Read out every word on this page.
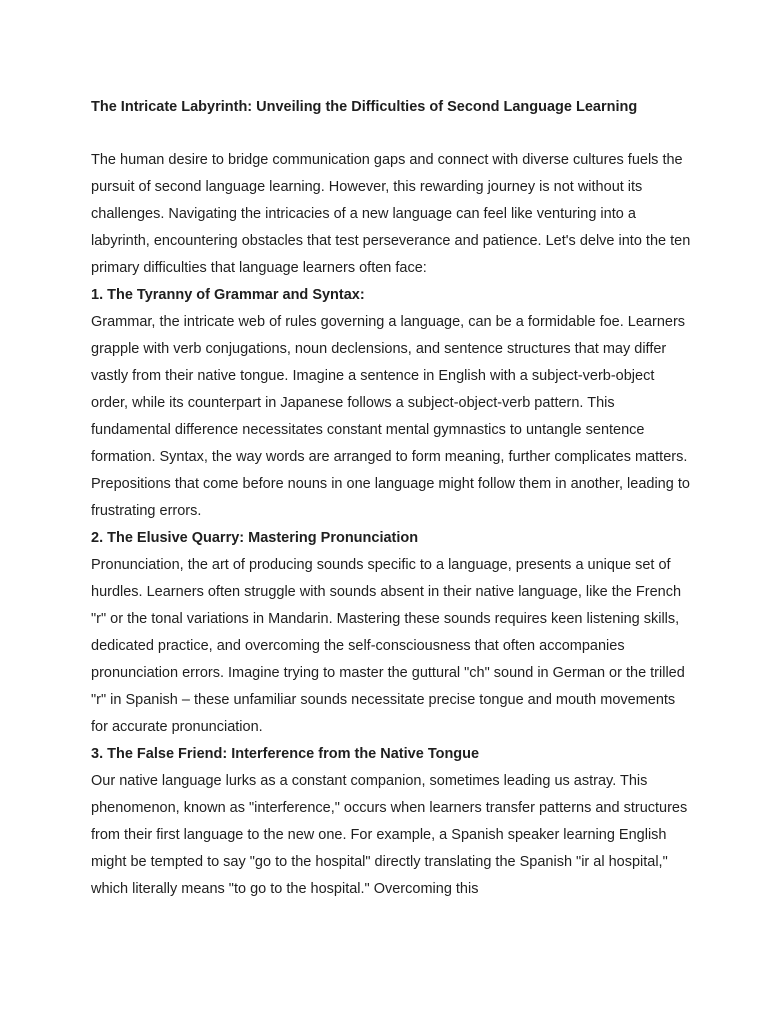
The Intricate Labyrinth: Unveiling the Difficulties of Second Language Learning

The human desire to bridge communication gaps and connect with diverse cultures fuels the pursuit of second language learning. However, this rewarding journey is not without its challenges. Navigating the intricacies of a new language can feel like venturing into a labyrinth, encountering obstacles that test perseverance and patience. Let's delve into the ten primary difficulties that language learners often face:

1. The Tyranny of Grammar and Syntax:

Grammar, the intricate web of rules governing a language, can be a formidable foe. Learners grapple with verb conjugations, noun declensions, and sentence structures that may differ vastly from their native tongue. Imagine a sentence in English with a subject-verb-object order, while its counterpart in Japanese follows a subject-object-verb pattern. This fundamental difference necessitates constant mental gymnastics to untangle sentence formation. Syntax, the way words are arranged to form meaning, further complicates matters. Prepositions that come before nouns in one language might follow them in another, leading to frustrating errors.

2. The Elusive Quarry: Mastering Pronunciation

Pronunciation, the art of producing sounds specific to a language, presents a unique set of hurdles. Learners often struggle with sounds absent in their native language, like the French "r" or the tonal variations in Mandarin. Mastering these sounds requires keen listening skills, dedicated practice, and overcoming the self-consciousness that often accompanies pronunciation errors. Imagine trying to master the guttural "ch" sound in German or the trilled "r" in Spanish – these unfamiliar sounds necessitate precise tongue and mouth movements for accurate pronunciation.

3. The False Friend: Interference from the Native Tongue

Our native language lurks as a constant companion, sometimes leading us astray. This phenomenon, known as "interference," occurs when learners transfer patterns and structures from their first language to the new one. For example, a Spanish speaker learning English might be tempted to say "go to the hospital" directly translating the Spanish "ir al hospital," which literally means "to go to the hospital." Overcoming this
